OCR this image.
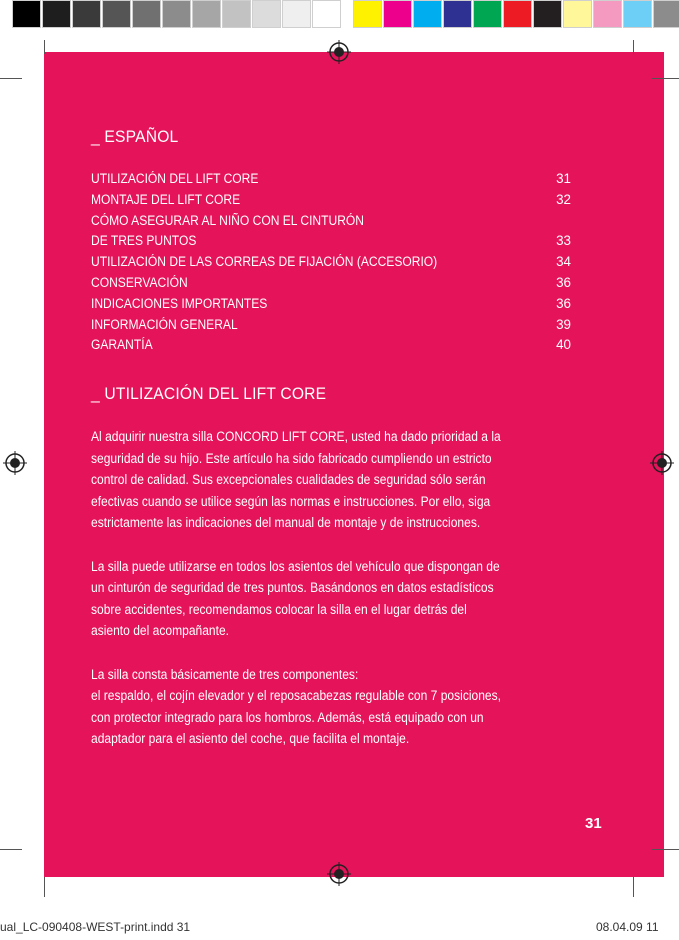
31
_ ESPAÑOL
UTILIZACIÓN DEL LIFT CORE	31
MONTAJE DEL LIFT CORE	32
CÓMO ASEGURAR AL NIÑO CON EL CINTURÓN
DE TRES PUNTOS	33
UTILIZACIÓN DE LAS CORREAS DE FIJACIÓN (ACCESORIO)	34
CONSERVACIÓN	36
INDICACIONES IMPORTANTES	36
INFORMACIÓN GENERAL	39
GARANTÍA	40
_ UTILIZACIÓN DEL LIFT CORE
Al adquirir nuestra silla CONCORD LIFT CORE, usted ha dado prioridad a la
seguridad de su hijo. Este artículo ha sido fabricado cumpliendo un estricto
control de calidad. Sus excepcionales cualidades de seguridad sólo serán
efectivas cuando se utilice según las normas e instrucciones. Por ello, siga
estrictamente las indicaciones del manual de montaje y de instrucciones.
La silla puede utilizarse en todos los asientos del vehículo que dispongan de
un cinturón de seguridad de tres puntos. Basándonos en datos estadísticos
sobre accidentes, recomendamos colocar la silla en el lugar detrás del
asiento del acompañante.
La silla consta básicamente de tres componentes:
el respaldo, el cojín elevador y el reposacabezas regulable con 7 posiciones,
con protector integrado para los hombros. Además, está equipado con un
adaptador para el asiento del coche, que facilita el montaje.
ual_LC-090408-WEST-print.indd 31	08.04.09 11
